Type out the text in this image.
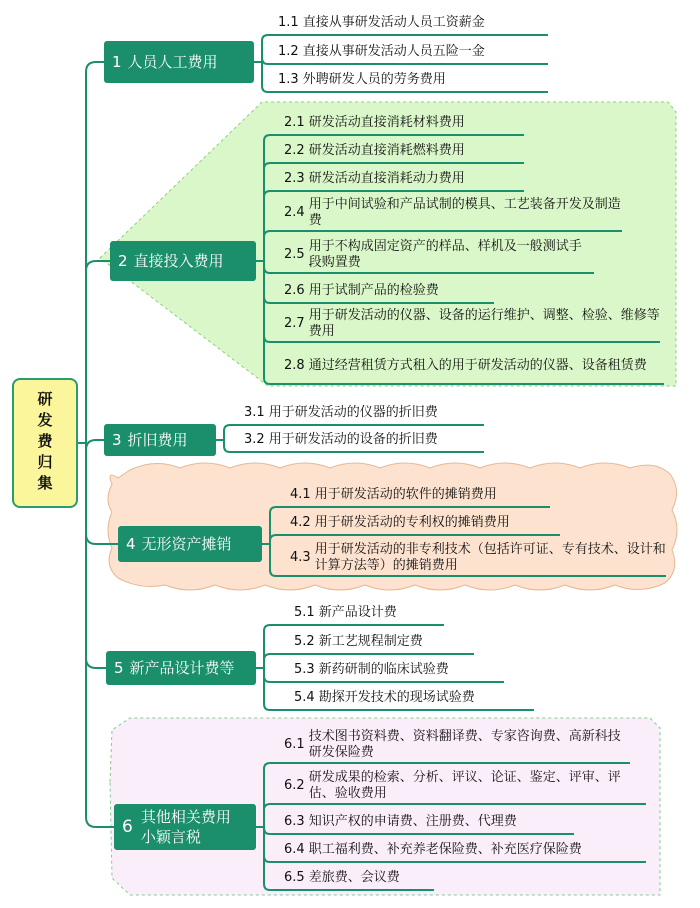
研发费归集
1 人员人工费用
2 直接投入费用
3 折旧费用
4 无形资产摊销
5 新产品设计费等
6 其他相关费用小颖言税
1.1 直接从事研发活动人员工资薪金
1.2 直接从事研发活动人员五险一金
1.3 外聘研发人员的劳务费用
2.1 研发活动直接消耗材料费用
2.2 研发活动直接消耗燃料费用
2.3 研发活动直接消耗动力费用
2.4
用于中间试验和产品试制的模具、工艺装备开发及制造费
2.5
用于不构成固定资产的样品、样机及一般测试手段购置费
2.6 用于试制产品的检验费
2.7
用于研发活动的仪器、设备的运行维护、调整、检验、维修等费用
2.8 通过经营租赁方式租入的用于研发活动的仪器、设备租赁费
3.1 用于研发活动的仪器的折旧费
3.2 用于研发活动的设备的折旧费
4.1 用于研发活动的软件的摊销费用
4.2 用于研发活动的专利权的摊销费用
4.3
用于研发活动的非专利技术（包括许可证、专有技术、设计和计算方法等）的摊销费用
5.1 新产品设计费
5.2 新工艺规程制定费
5.3 新药研制的临床试验费
5.4 勘探开发技术的现场试验费
6.1
技术图书资料费、资料翻译费、专家咨询费、高新科技研发保险费
6.2
研发成果的检索、分析、评议、论证、鉴定、评审、评估、验收费用
6.3 知识产权的申请费、注册费、代理费
6.4 职工福利费、补充养老保险费、补充医疗保险费
6.5 差旅费、会议费
